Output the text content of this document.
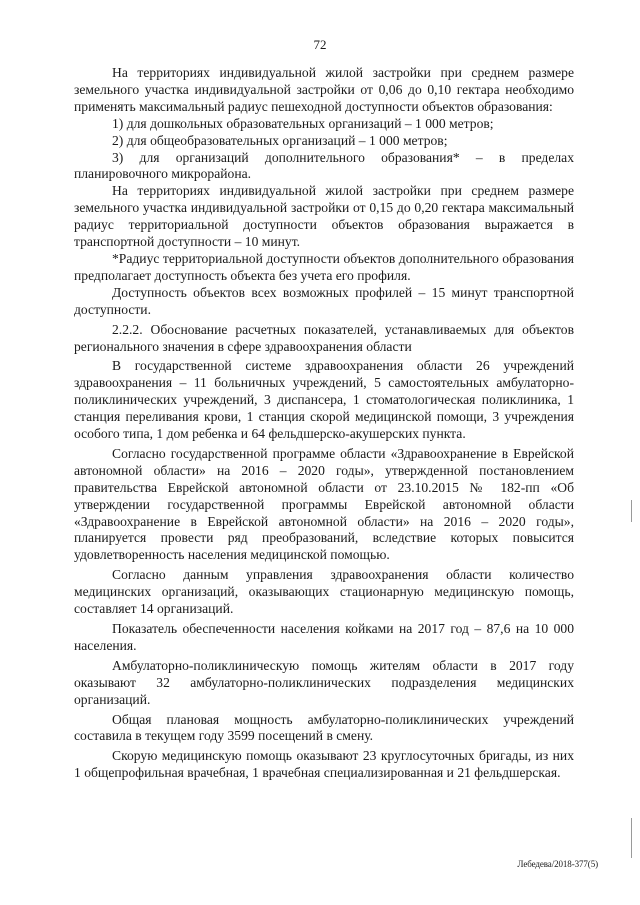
72

На территориях индивидуальной жилой застройки при среднем размере земельного участка индивидуальной застройки от 0,06 до 0,10 гектара необходимо применять максимальный радиус пешеходной доступности объектов образования:

1) для дошкольных образовательных организаций – 1 000 метров;

2) для общеобразовательных организаций – 1 000 метров;

3) для организаций дополнительного образования* – в пределах планировочного микрорайона.

На территориях индивидуальной жилой застройки при среднем размере земельного участка индивидуальной застройки от 0,15 до 0,20 гектара максимальный радиус территориальной доступности объектов образования выражается в транспортной доступности – 10 минут.

*Радиус территориальной доступности объектов дополнительного образования предполагает доступность объекта без учета его профиля.

Доступность объектов всех возможных профилей – 15 минут транспортной доступности.

2.2.2. Обоснование расчетных показателей, устанавливаемых для объектов регионального значения в сфере здравоохранения области

В государственной системе здравоохранения области 26 учреждений здравоохранения – 11 больничных учреждений, 5 самостоятельных амбулаторно-поликлинических учреждений, 3 диспансера, 1 стоматологическая поликлиника, 1 станция переливания крови, 1 станция скорой медицинской помощи, 3 учреждения особого типа, 1 дом ребенка и 64 фельдшерско-акушерских пункта.

Согласно государственной программе области «Здравоохранение в Еврейской автономной области» на 2016 – 2020 годы», утвержденной постановлением правительства Еврейской автономной области от 23.10.2015 № 182-пп «Об утверждении государственной программы Еврейской автономной области «Здравоохранение в Еврейской автономной области» на 2016 – 2020 годы», планируется провести ряд преобразований, вследствие которых повысится удовлетворенность населения медицинской помощью.

Согласно данным управления здравоохранения области количество медицинских организаций, оказывающих стационарную медицинскую помощь, составляет 14 организаций.

Показатель обеспеченности населения койками на 2017 год – 87,6 на 10 000 населения.

Амбулаторно-поликлиническую помощь жителям области в 2017 году оказывают 32 амбулаторно-поликлинических подразделения медицинских организаций.

Общая плановая мощность амбулаторно-поликлинических учреждений составила в текущем году 3599 посещений в смену.

Скорую медицинскую помощь оказывают 23 круглосуточных бригады, из них 1 общепрофильная врачебная, 1 врачебная специализированная и 21 фельдшерская.

Лебедева/2018-377(5)
